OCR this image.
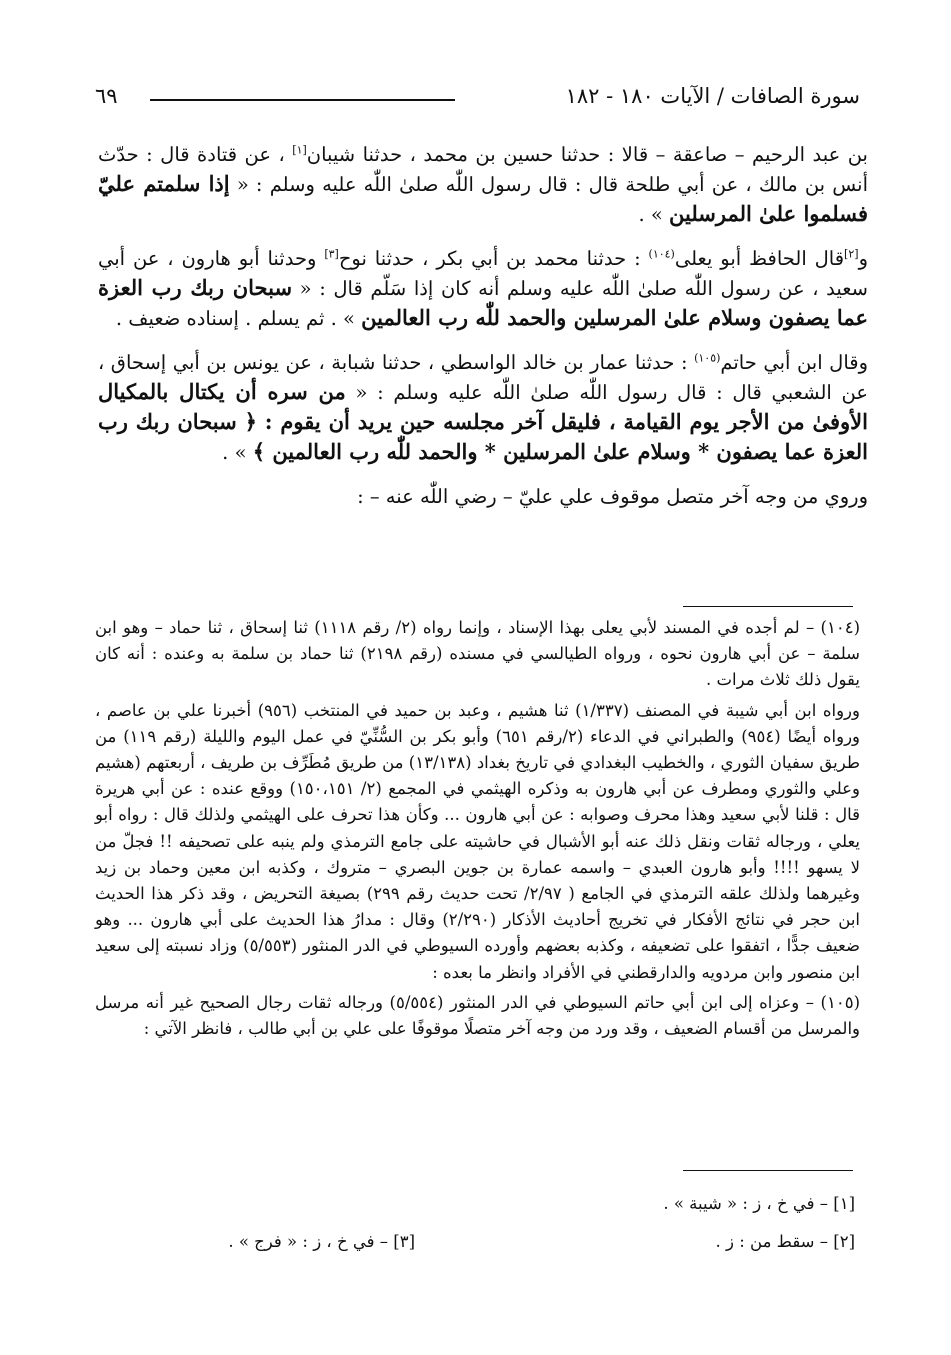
سورة الصافات / الآيات ١٨٠ - ١٨٢
٦٩

بن عبد الرحيم – صاعقة – قالا : حدثنا حسين بن محمد ، حدثنا شيبان[١] ، عن قتادة قال : حدّث أنس بن مالك ، عن أبي طلحة قال : قال رسول اللّٰه صلىٰ اللّٰه عليه وسلم : « إذا سلمتم عليّ فسلموا علىٰ المرسلين » .

و[٢]قال الحافظ أبو يعلى$^{(١٠٤)}$ : حدثنا محمد بن أبي بكر ، حدثنا نوح[٣] وحدثنا أبو هارون ، عن أبي سعيد ، عن رسول اللّٰه صلىٰ اللّٰه عليه وسلم أنه كان إذا سَلّم قال : « سبحان ربك رب العزة عما يصفون وسلام علىٰ المرسلين والحمد للّٰه رب العالمين » . ثم يسلم . إسناده ضعيف .

وقال ابن أبي حاتم$^{(١٠٥)}$ : حدثنا عمار بن خالد الواسطي ، حدثنا شبابة ، عن يونس بن أبي إسحاق ، عن الشعبي قال : قال رسول اللّٰه صلىٰ اللّٰه عليه وسلم : « من سره أن يكتال بالمكيال الأوفىٰ من الأجر يوم القيامة ، فليقل آخر مجلسه حين يريد أن يقوم : ﴿ سبحان ربك رب العزة عما يصفون * وسلام علىٰ المرسلين * والحمد للّٰه رب العالمين ﴾ » .

وروي من وجه آخر متصل موقوف علي عليّ – رضي اللّٰه عنه – :

(١٠٤) – لم أجده في المسند لأبي يعلى بهذا الإسناد ، وإنما رواه (٢/ رقم ١١١٨) ثنا إسحاق ، ثنا حماد – وهو ابن سلمة – عن أبي هارون نحوه ، ورواه الطيالسي في مسنده (رقم ٢١٩٨) ثنا حماد بن سلمة به وعنده : أنه كان يقول ذلك ثلاث مرات .

ورواه ابن أبي شيبة في المصنف (١/٣٣٧) ثنا هشيم ، وعبد بن حميد في المنتخب (٩٥٦) أخبرنا علي بن عاصم ، ورواه أيضًا (٩٥٤) والطبراني في الدعاء (٢/رقم ٦٥١) وأبو بكر بن السُّنِّيّ في عمل اليوم والليلة (رقم ١١٩) من طريق سفيان الثوري ، والخطيب البغدادي في تاريخ بغداد (١٣/١٣٨) من طريق مُطَرِّف بن طريف ، أربعتهم (هشيم وعلي والثوري ومطرف عن أبي هارون به وذكره الهيثمي في المجمع (٢/ ١٥٠،١٥١) ووقع عنده : عن أبي هريرة قال : قلنا لأبي سعيد وهذا محرف وصوابه : عن أبي هارون ... وكأن هذا تحرف على الهيثمي ولذلك قال : رواه أبو يعلي ، ورجاله ثقات ونقل ذلك عنه أبو الأشبال في حاشيته على جامع الترمذي ولم ينبه على تصحيفه !! فجلّ من لا يسهو !!!! وأبو هارون العبدي – واسمه عمارة بن جوين البصري – متروك ، وكذبه ابن معين وحماد بن زيد وغيرهما ولذلك علقه الترمذي في الجامع ( ٢/٩٧/ تحت حديث رقم ٢٩٩) بصيغة التحريض ، وقد ذكر هذا الحديث ابن حجر في نتائج الأفكار في تخريج أحاديث الأذكار (٢/٢٩٠) وقال : مدارُ هذا الحديث على أبي هارون ... وهو ضعيف جدًّا ، اتفقوا على تضعيفه ، وكذبه بعضهم وأورده السيوطي في الدر المنثور (٥/٥٥٣) وزاد نسبته إلى سعيد ابن منصور وابن مردويه والدارقطني في الأفراد وانظر ما بعده :

(١٠٥) – وعزاه إلى ابن أبي حاتم السيوطي في الدر المنثور (٥/٥٥٤) ورجاله ثقات رجال الصحيح غير أنه مرسل والمرسل من أقسام الضعيف ، وقد ورد من وجه آخر متصلًا موقوفًا على علي بن أبي طالب ، فانظر الآتي :

[١] – في خ ، ز : « شيبة » .
[٢] – سقط من : ز .
[٣] – في خ ، ز : « فرج » .
